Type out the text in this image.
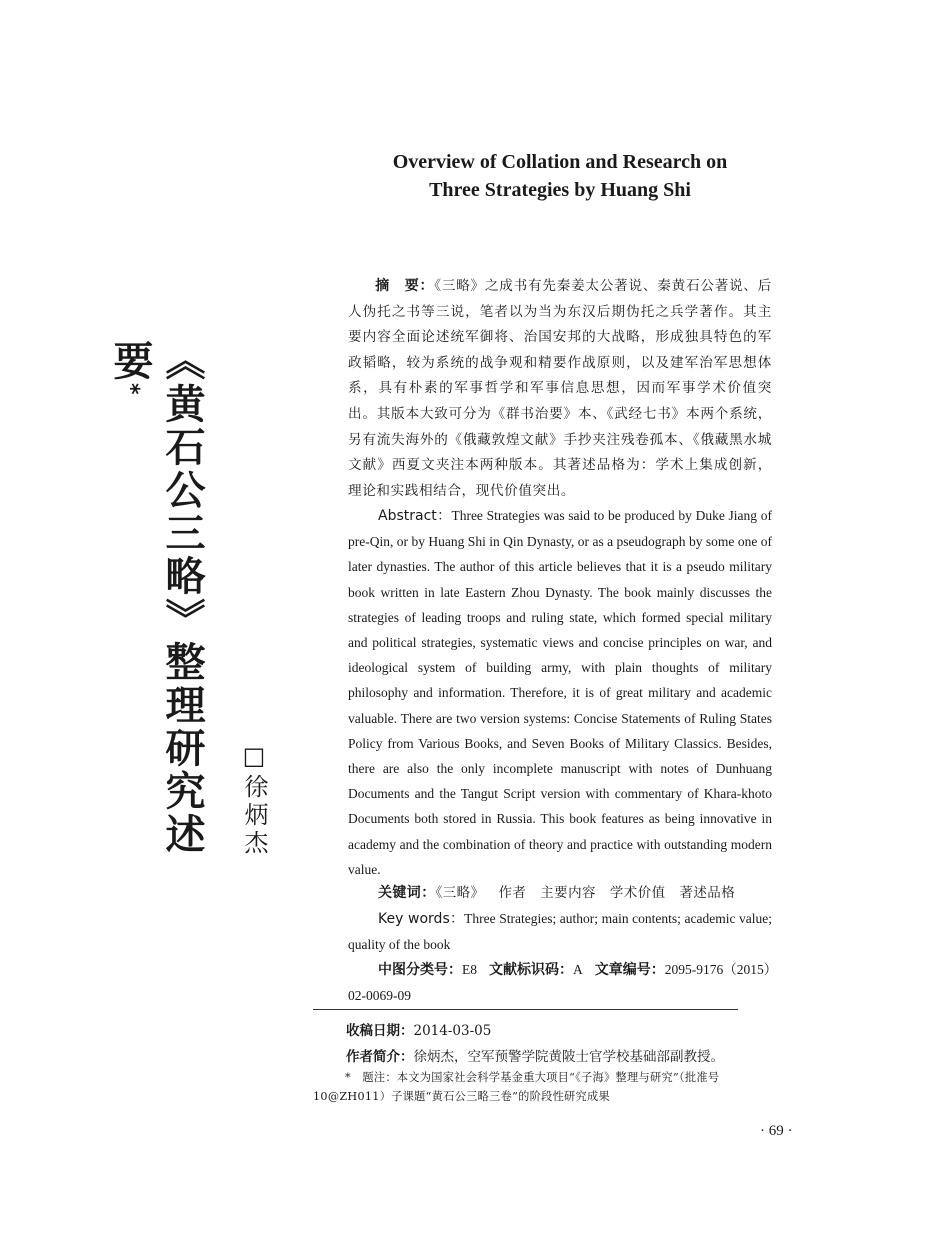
《黄石公三略》整理研究述要*
□徐炳杰
Overview of Collation and Research on
Three Strategies by Huang Shi
摘　要：《三略》之成书有先秦姜太公著说、秦黄石公著说、后人伪托之书等三说，笔者以为当为东汉后期伪托之兵学著作。其主要内容全面论述统军御将、治国安邦的大战略，形成独具特色的军政韬略，较为系统的战争观和精要作战原则，以及建军治军思想体系，具有朴素的军事哲学和军事信息思想，因而军事学术价值突出。其版本大致可分为《群书治要》本、《武经七书》本两个系统，另有流失海外的《俄藏敦煌文献》手抄夹注残卷孤本、《俄藏黑水城文献》西夏文夹注本两种版本。其著述品格为：学术上集成创新，理论和实践相结合，现代价值突出。
Abstract：Three Strategies was said to be produced by Duke Jiang of pre-Qin, or by Huang Shi in Qin Dynasty, or as a pseudograph by some one of later dynasties. The author of this article believes that it is a pseudo military book written in late Eastern Zhou Dynasty. The book mainly discusses the strategies of leading troops and ruling state, which formed special military and political strategies, systematic views and concise principles on war, and ideological system of building army, with plain thoughts of military philosophy and information. Therefore, it is of great military and academic valuable. There are two version systems: Concise Statements of Ruling States Policy from Various Books, and Seven Books of Military Classics. Besides, there are also the only incomplete manuscript with notes of Dunhuang Documents and the Tangut Script version with commentary of Khara-khoto Documents both stored in Russia. This book features as being innovative in academy and the combination of theory and practice with outstanding modern value.
关键词：《三略》 作者 主要内容 学术价值 著述品格
Key words：Three Strategies; author; main contents; academic value; quality of the book
中图分类号：E8 文献标识码：A 文章编号：2095-9176（2015）02-0069-09
收稿日期：2014-03-05
作者简介：徐炳杰，空军预警学院黄陂士官学校基础部副教授。
*　题注：本文为国家社会科学基金重大项目“《子海》整理与研究”（批准号10@ZH011）子课题“黄石公三略三卷”的阶段性研究成果
· 69 ·
